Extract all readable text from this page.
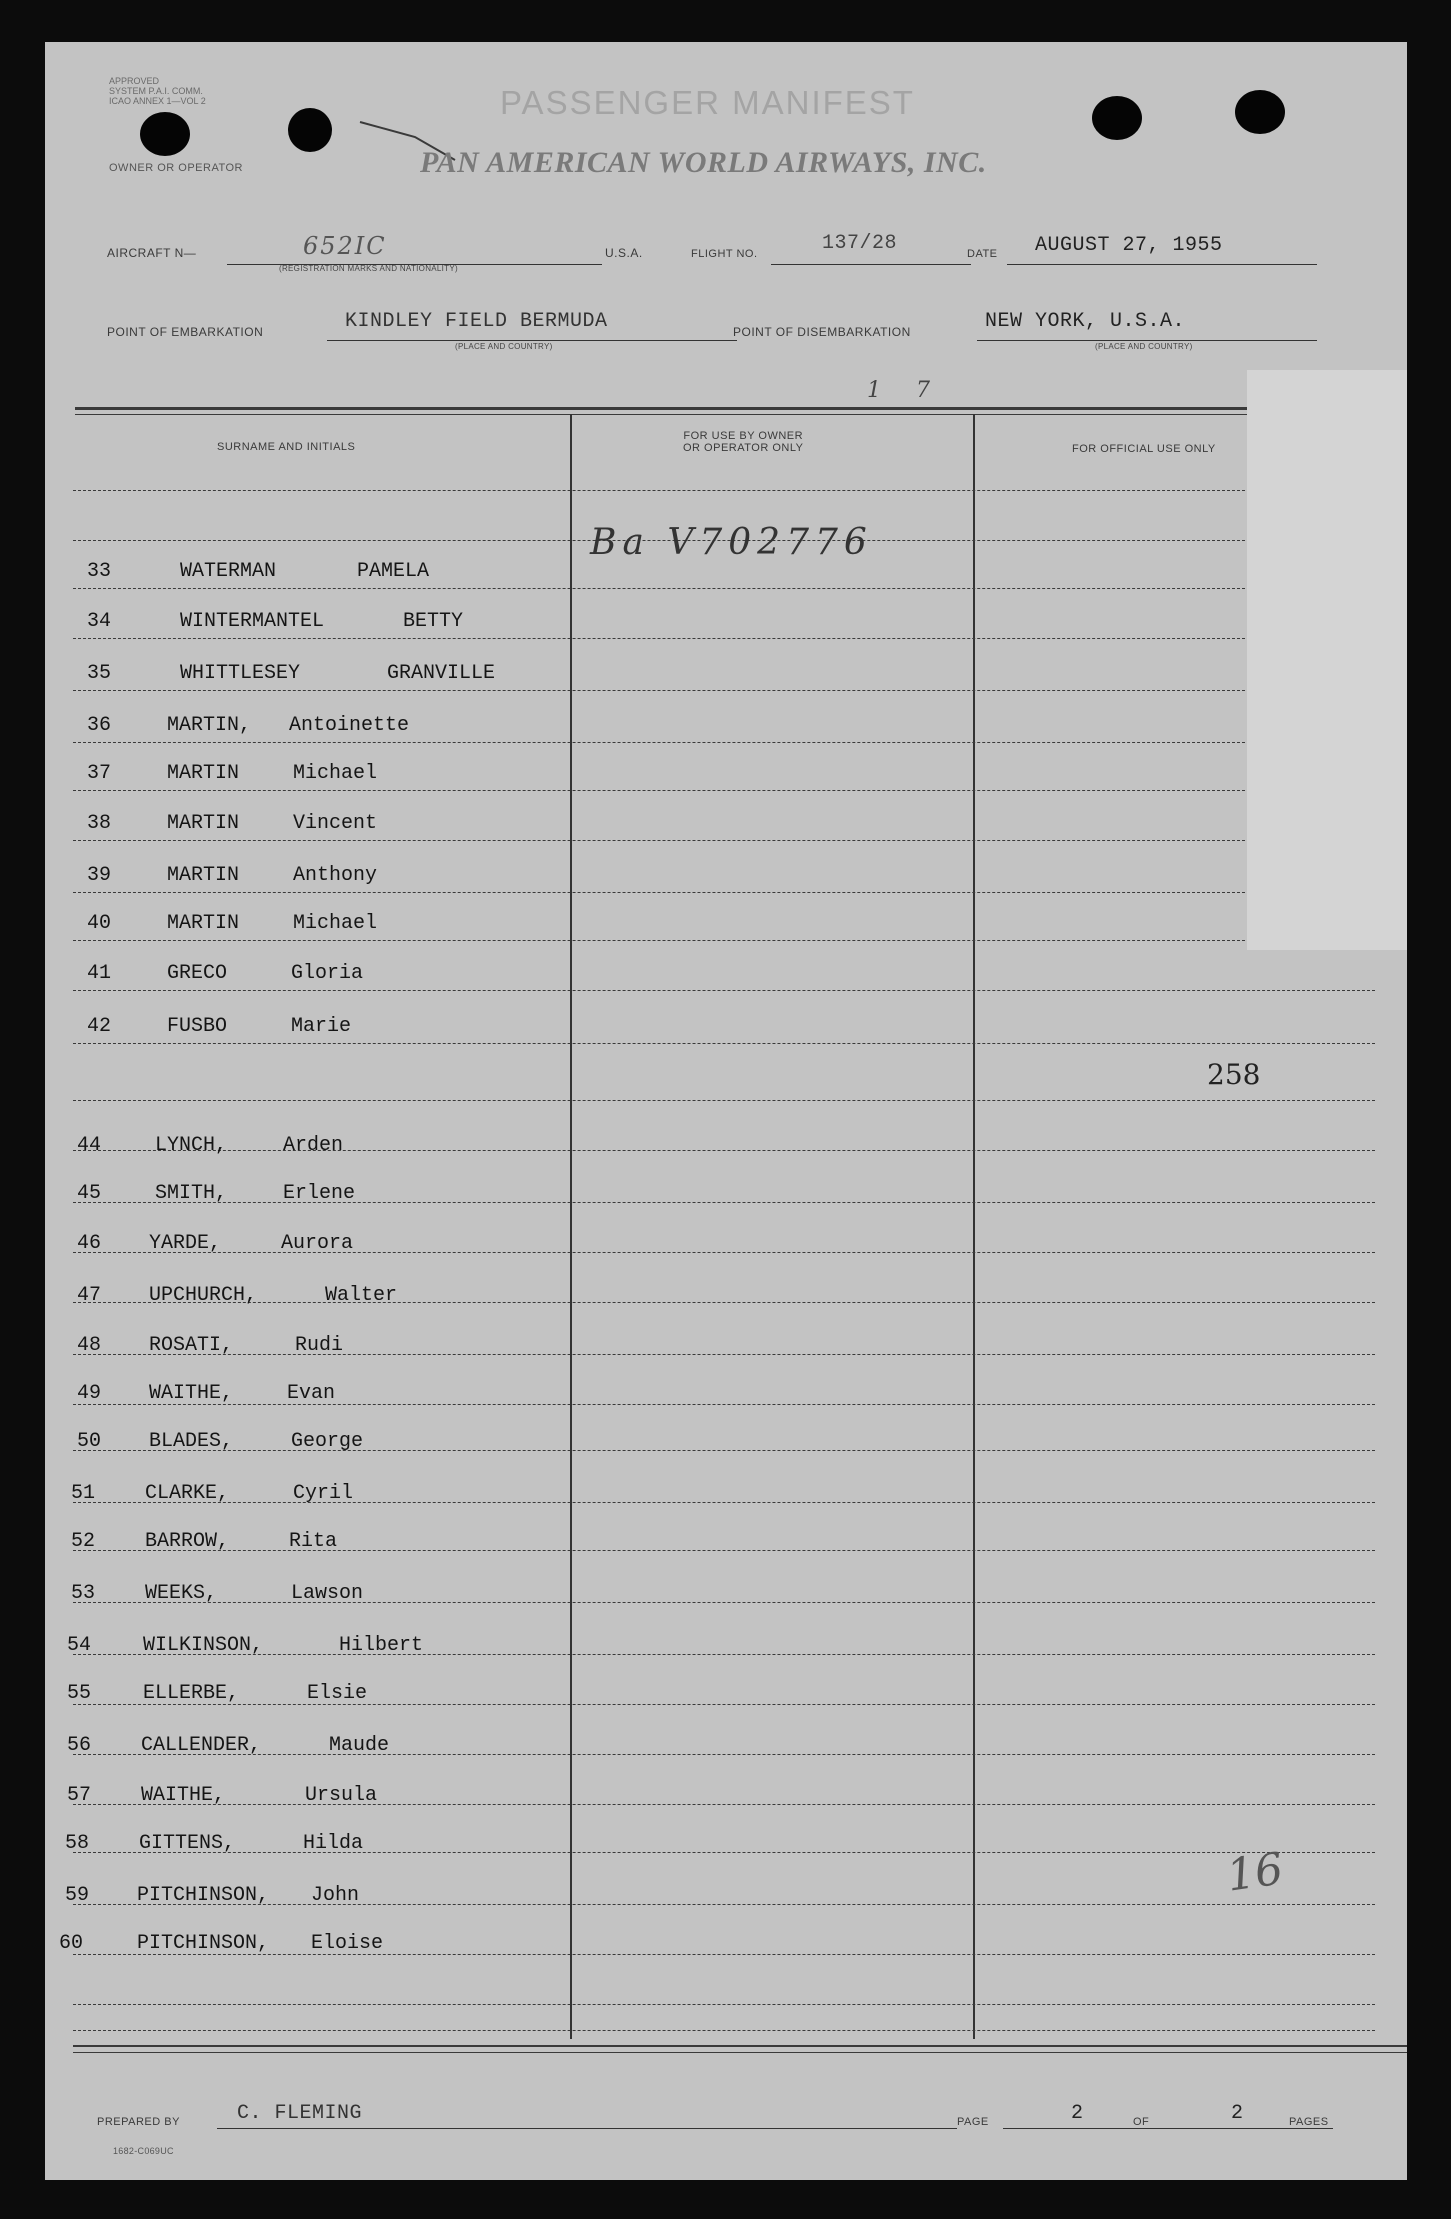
APPROVED
SYSTEM P.A.I. COMM.
ICAO ANNEX 1—VOL 2	PASSENGER MANIFEST
OWNER OR OPERATOR	PAN AMERICAN WORLD AIRWAYS, INC.
AIRCRAFT N—	652IC
(REGISTRATION MARKS AND NATIONALITY)
U.S.A.	FLIGHT NO.	137/28	DATE AUGUST 27, 1955
POINT OF EMBARKATION	KINDLEY FIELD BERMUDA
(PLACE AND COUNTRY)
POINT OF DISEMBARKATION	NEW YORK, U.S.A.
(PLACE AND COUNTRY)
1 7
SURNAME AND INITIALS
FOR USE BY OWNER
OR OPERATOR ONLY	FOR OFFICIAL USE ONLY
33	WATERMAN	PAMELA
34	WINTERMANTEL	BETTY
35	WHITTLESEY	GRANVILLE
36	MARTIN, Antoinette
37	MARTIN	Michael
38	MARTIN	Vincent
39	MARTIN	Anthony
40	MARTIN	Michael
41	GRECO	Gloria
42	FUSBO	Marie
44	LYNCH,	Arden
45	SMITH,	Erlene
46 YARDE,	Aurora
47 UPCHURCH,	Walter
48 ROSATI,	Rudi
49 WAITHE,	Evan
50 BLADES,	George
51 CLARKE,	Cyril
52 BARROW,	Rita
53 WEEKS,	Lawson
54	WILKINSON,	Hilbert
55	ELLERBE,	Elsie
56 CALLENDER,	Maude
57 WAITHE,	Ursula
58 GITTENS,	Hilda
59 PITCHINSON, John
60	PITCHINSON, Eloise
Ba V702776
258
16
PREPARED BY	C. FLEMING	PAGE	2	OF	2	PAGES
1682-C069UC
